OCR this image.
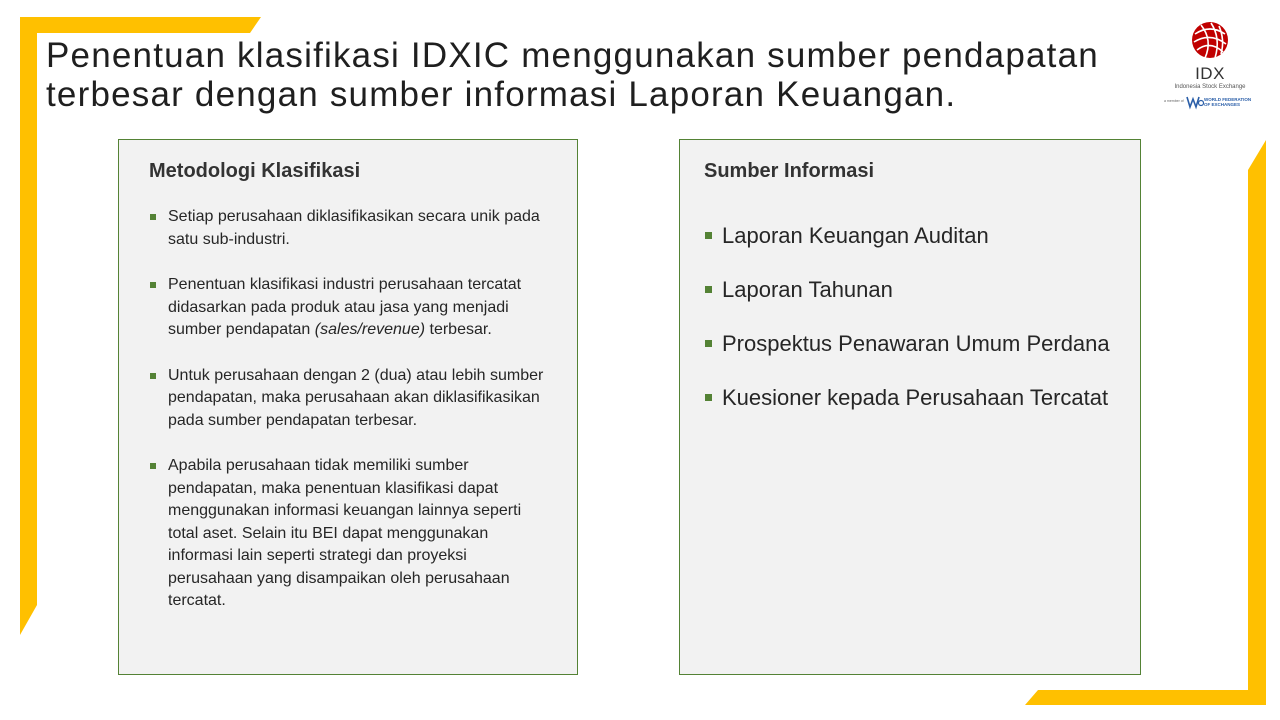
Penentuan klasifikasi IDXIC menggunakan sumber pendapatan terbesar dengan sumber informasi Laporan Keuangan.
IDX
Indonesia Stock Exchange
a member of	WORLD FEDERATION OF EXCHANGES
Metodologi Klasifikasi
Setiap perusahaan diklasifikasikan secara unik pada satu sub-industri.
Penentuan klasifikasi industri perusahaan tercatat didasarkan pada produk atau jasa yang menjadi sumber pendapatan (sales/revenue) terbesar.
Untuk perusahaan dengan 2 (dua) atau lebih sumber pendapatan, maka perusahaan akan diklasifikasikan pada sumber pendapatan terbesar.
Apabila perusahaan tidak memiliki sumber pendapatan, maka penentuan klasifikasi dapat menggunakan informasi keuangan lainnya seperti total aset. Selain itu BEI dapat menggunakan informasi lain seperti strategi dan proyeksi perusahaan yang disampaikan oleh perusahaan tercatat.
Sumber Informasi
Laporan Keuangan Auditan
Laporan Tahunan
Prospektus Penawaran Umum Perdana
Kuesioner kepada Perusahaan Tercatat
